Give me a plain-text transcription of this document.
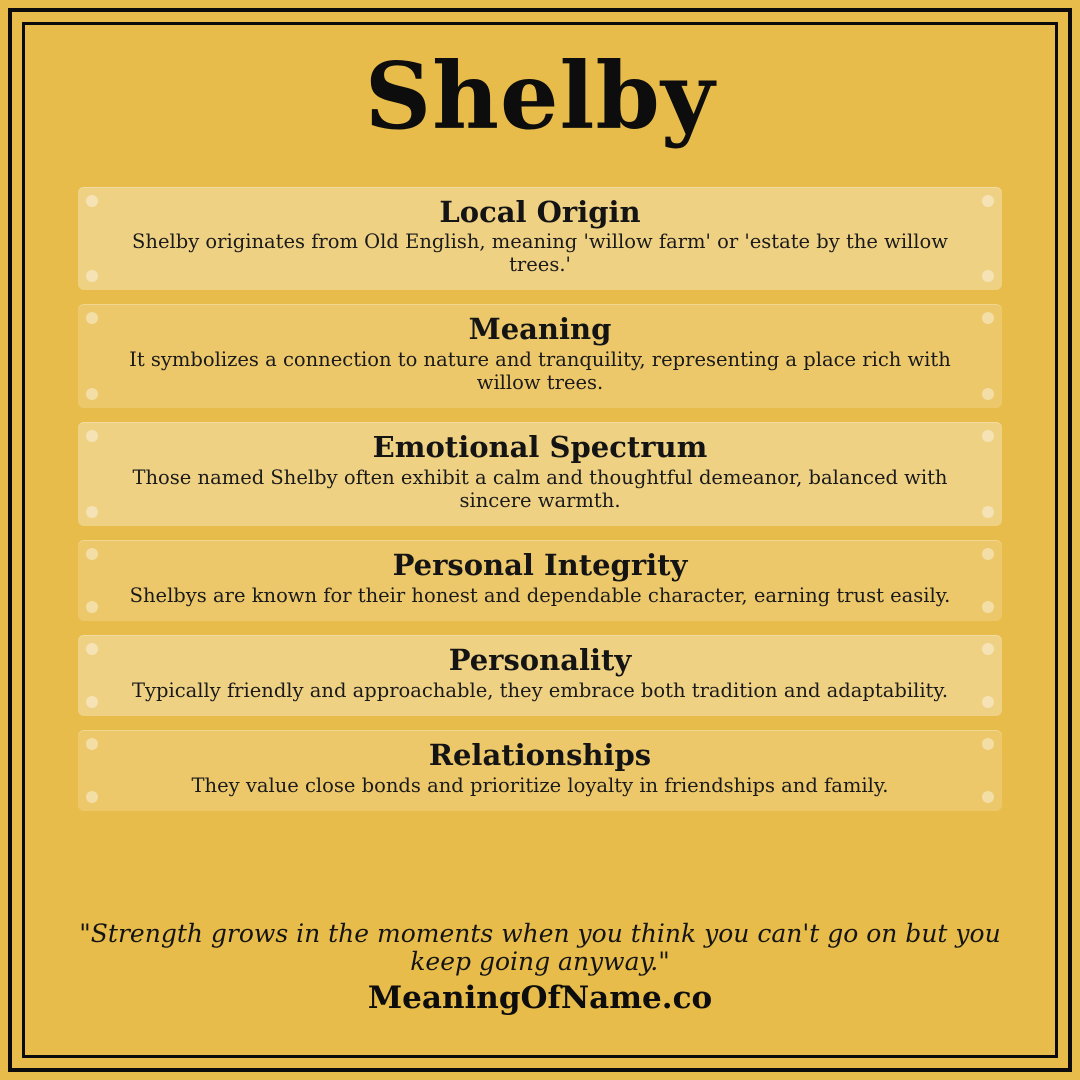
Shelby
Local Origin
Shelby originates from Old English, meaning 'willow farm' or 'estate by the willow trees.'
Meaning
It symbolizes a connection to nature and tranquility, representing a place rich with willow trees.
Emotional Spectrum
Those named Shelby often exhibit a calm and thoughtful demeanor, balanced with sincere warmth.
Personal Integrity
Shelbys are known for their honest and dependable character, earning trust easily.
Personality
Typically friendly and approachable, they embrace both tradition and adaptability.
Relationships
They value close bonds and prioritize loyalty in friendships and family.
"Strength grows in the moments when you think you can't go on but you keep going anyway."
MeaningOfName.co
